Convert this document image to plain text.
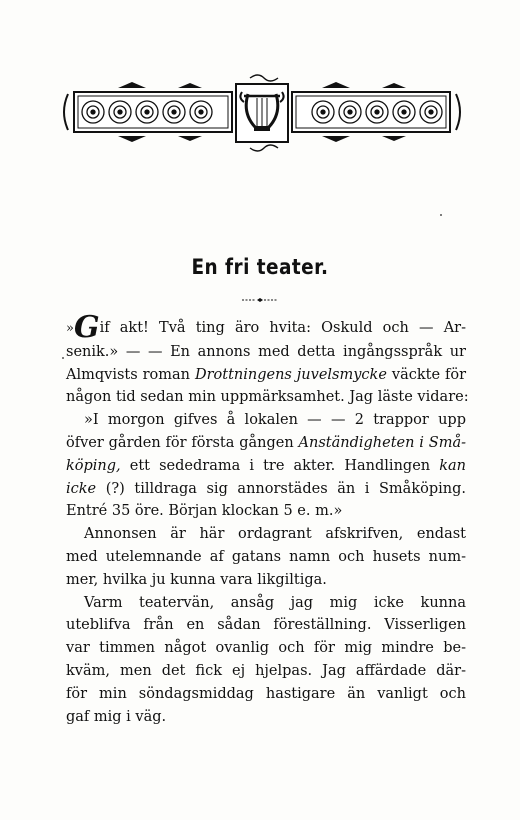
En fri teater.
»Gif akt! Två ting äro hvita: Oskuld och — Ar-
senik.» — — En annons med detta ingångsspråk ur
Almqvists roman Drottningens juvelsmycke väckte för
någon tid sedan min uppmärksamhet. Jag läste vidare:
»I morgon gifves å lokalen — — 2 trappor upp
öfver gården för första gången Anständigheten i Små-
köping, ett sededrama i tre akter. Handlingen kan
icke (?) tilldraga sig annorstädes än i Småköping.
Entré 35 öre. Början klockan 5 e. m.»
Annonsen är här ordagrant afskrifven, endast
med utelemnande af gatans namn och husets num-
mer, hvilka ju kunna vara likgiltiga.
Varm teatervän, ansåg jag mig icke kunna
uteblifva från en sådan föreställning. Visserligen
var timmen något ovanlig och för mig mindre be-
kväm, men det fick ej hjelpas. Jag affärdade där-
för min söndagsmiddag hastigare än vanligt och
gaf mig i väg.
